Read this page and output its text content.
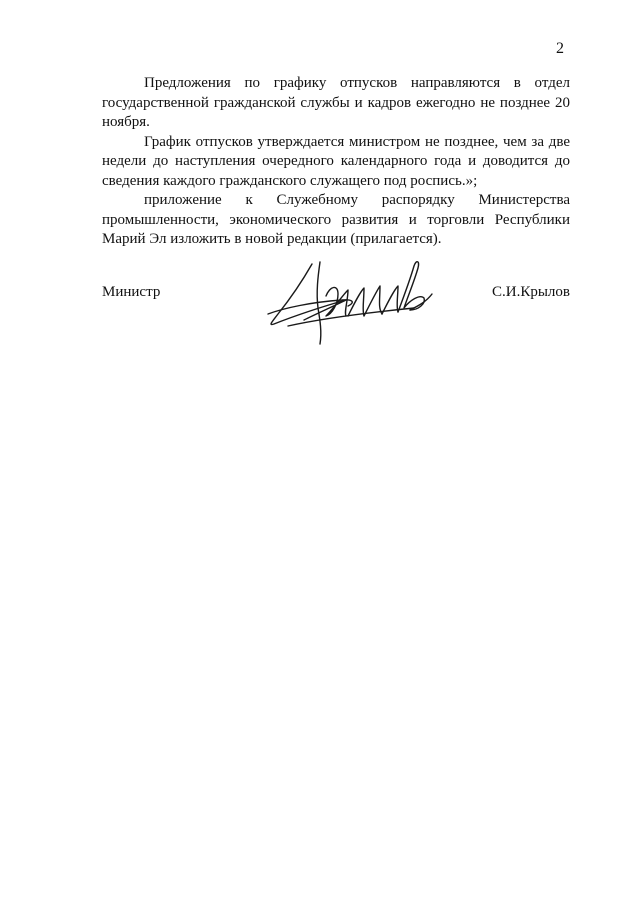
2

Предложения по графику отпусков направляются в отдел государственной гражданской службы и кадров ежегодно не позднее 20 ноября.

График отпусков утверждается министром не позднее, чем за две недели до наступления очередного календарного года и доводится до сведения каждого гражданского служащего под роспись.»;

приложение к Служебному распорядку Министерства промышленности, экономического развития и торговли Республики Марий Эл изложить в новой редакции (прилагается).

Министр	С.И.Крылов
